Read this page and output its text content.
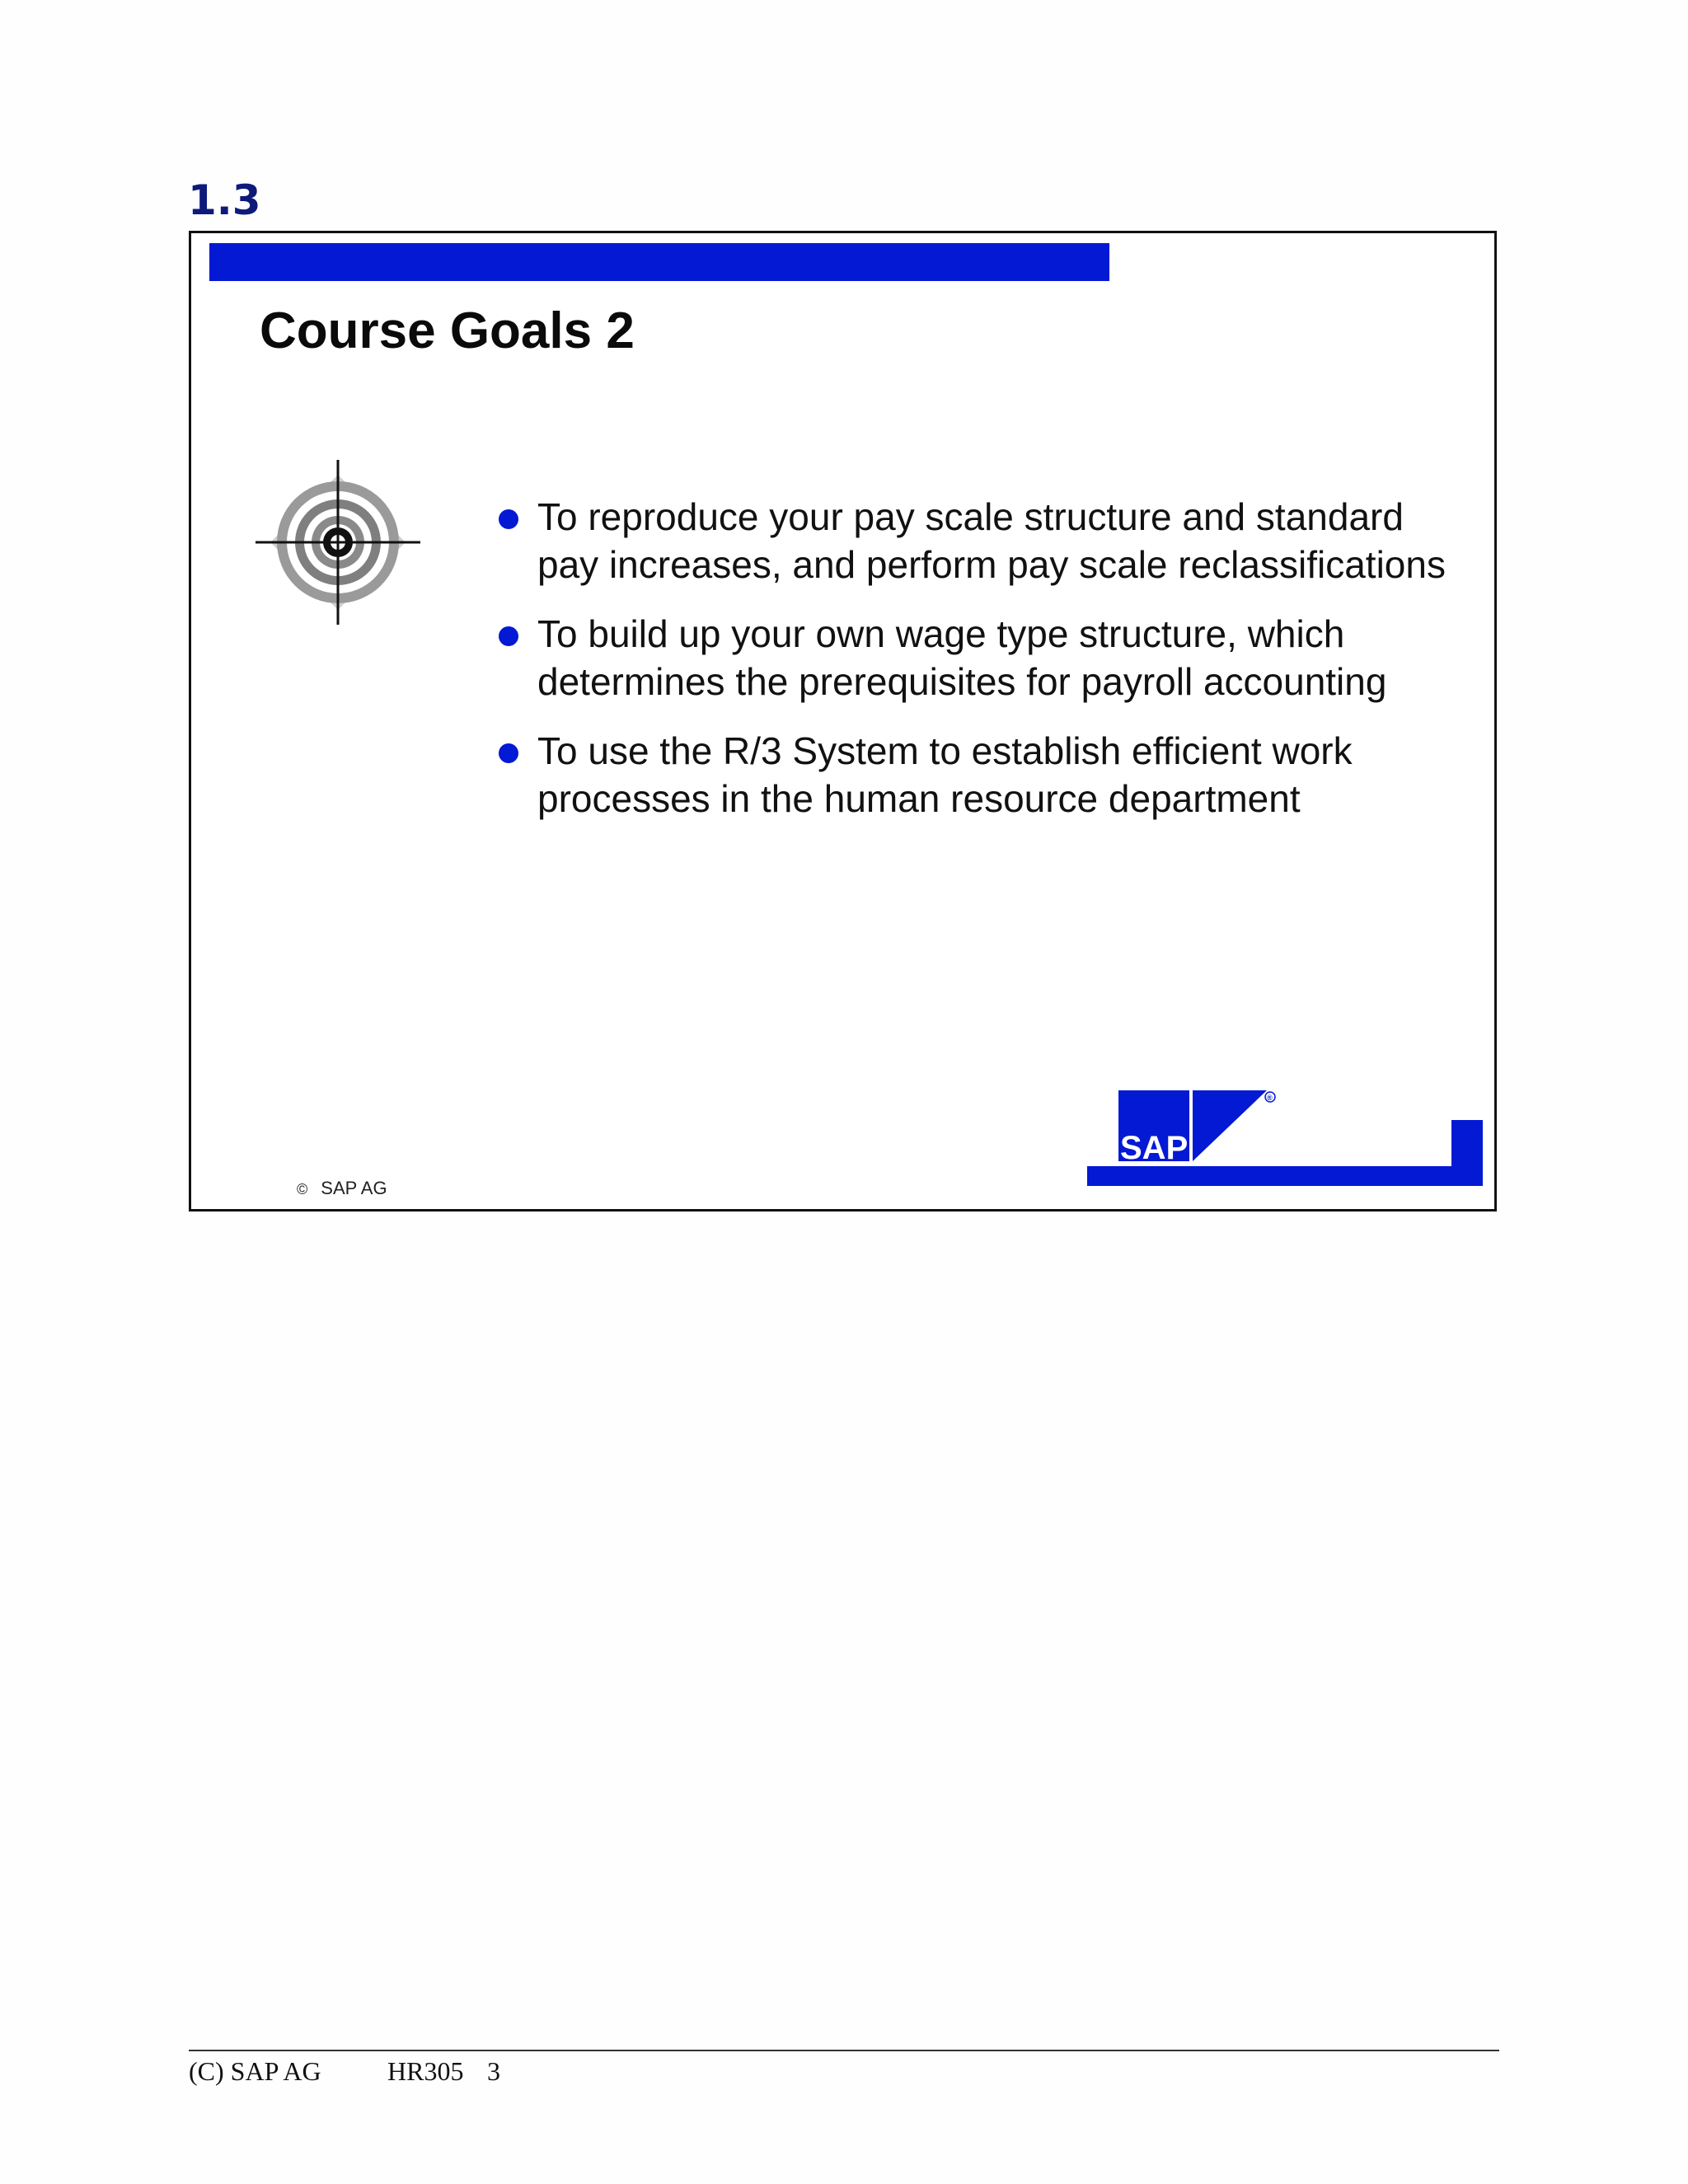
1.3
Course Goals 2
To reproduce your pay scale structure and standard
pay increases, and perform pay scale reclassifications
To build up your own wage type structure, which
determines the prerequisites for payroll accounting
To use the R/3 System to establish efficient work
processes in the human resource department
© SAP AG
SAP
®
(C) SAP AG	HR305 3
